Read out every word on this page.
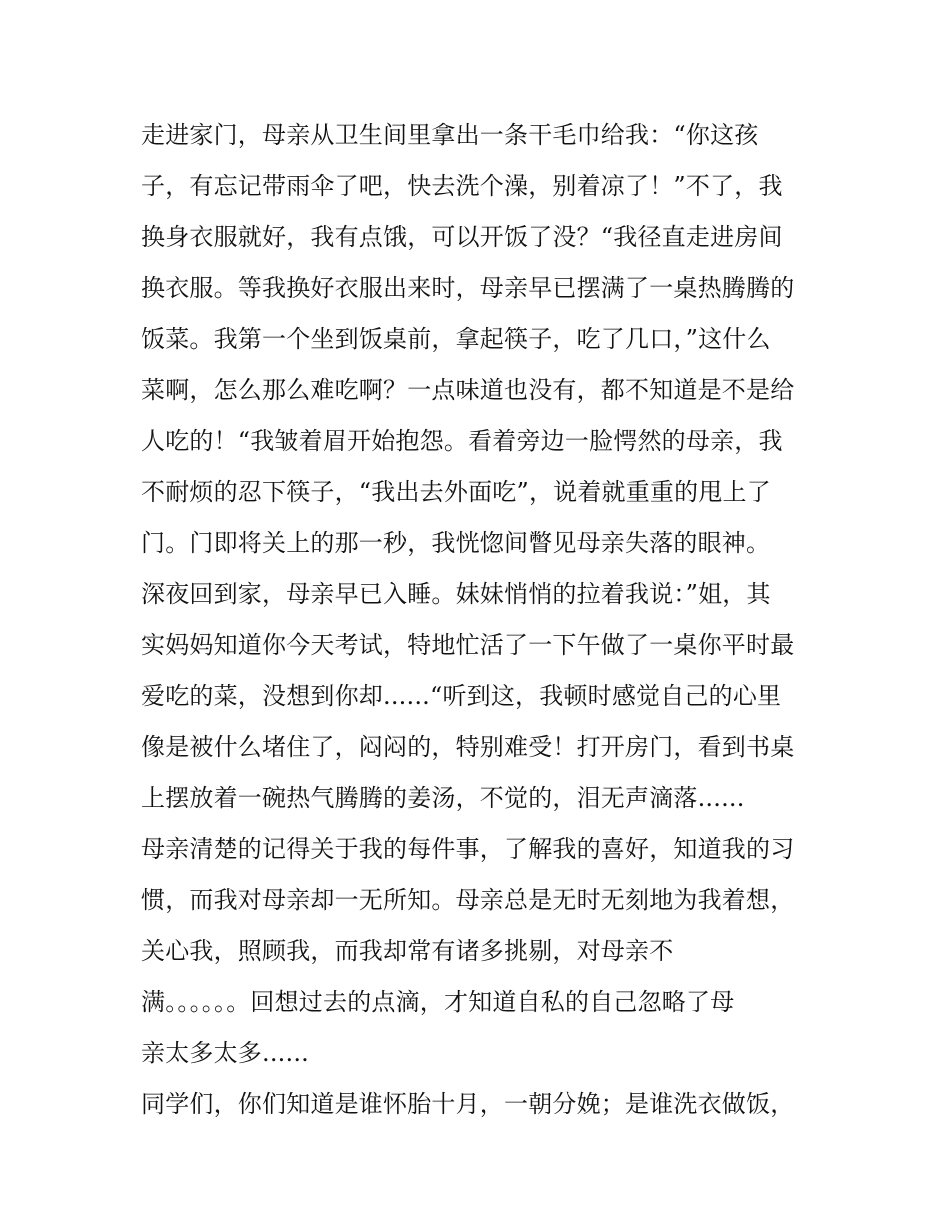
走进家门，母亲从卫生间里拿出一条干毛巾给我：“你这孩
子，有忘记带雨伞了吧，快去洗个澡，别着凉了！”不了，我
换身衣服就好，我有点饿，可以开饭了没？“我径直走进房间
换衣服。等我换好衣服出来时，母亲早已摆满了一桌热腾腾的
饭菜。我第一个坐到饭桌前，拿起筷子，吃了几口，”这什么
菜啊，怎么那么难吃啊？一点味道也没有，都不知道是不是给
人吃的！“我皱着眉开始抱怨。看着旁边一脸愕然的母亲，我
不耐烦的忍下筷子，“我出去外面吃”，说着就重重的甩上了
门。门即将关上的那一秒，我恍惚间瞥见母亲失落的眼神。
深夜回到家，母亲早已入睡。妹妹悄悄的拉着我说：”姐，其
实妈妈知道你今天考试，特地忙活了一下午做了一桌你平时最
爱吃的菜，没想到你却......“听到这，我顿时感觉自己的心里
像是被什么堵住了，闷闷的，特别难受！打开房门，看到书桌
上摆放着一碗热气腾腾的姜汤，不觉的，泪无声滴落......
母亲清楚的记得关于我的每件事，了解我的喜好，知道我的习
惯，而我对母亲却一无所知。母亲总是无时无刻地为我着想，
关心我，照顾我，而我却常有诸多挑剔，对母亲不
满。。。。。。回想过去的点滴，才知道自私的自己忽略了母
亲太多太多......
同学们，你们知道是谁怀胎十月，一朝分娩；是谁洗衣做饭，
